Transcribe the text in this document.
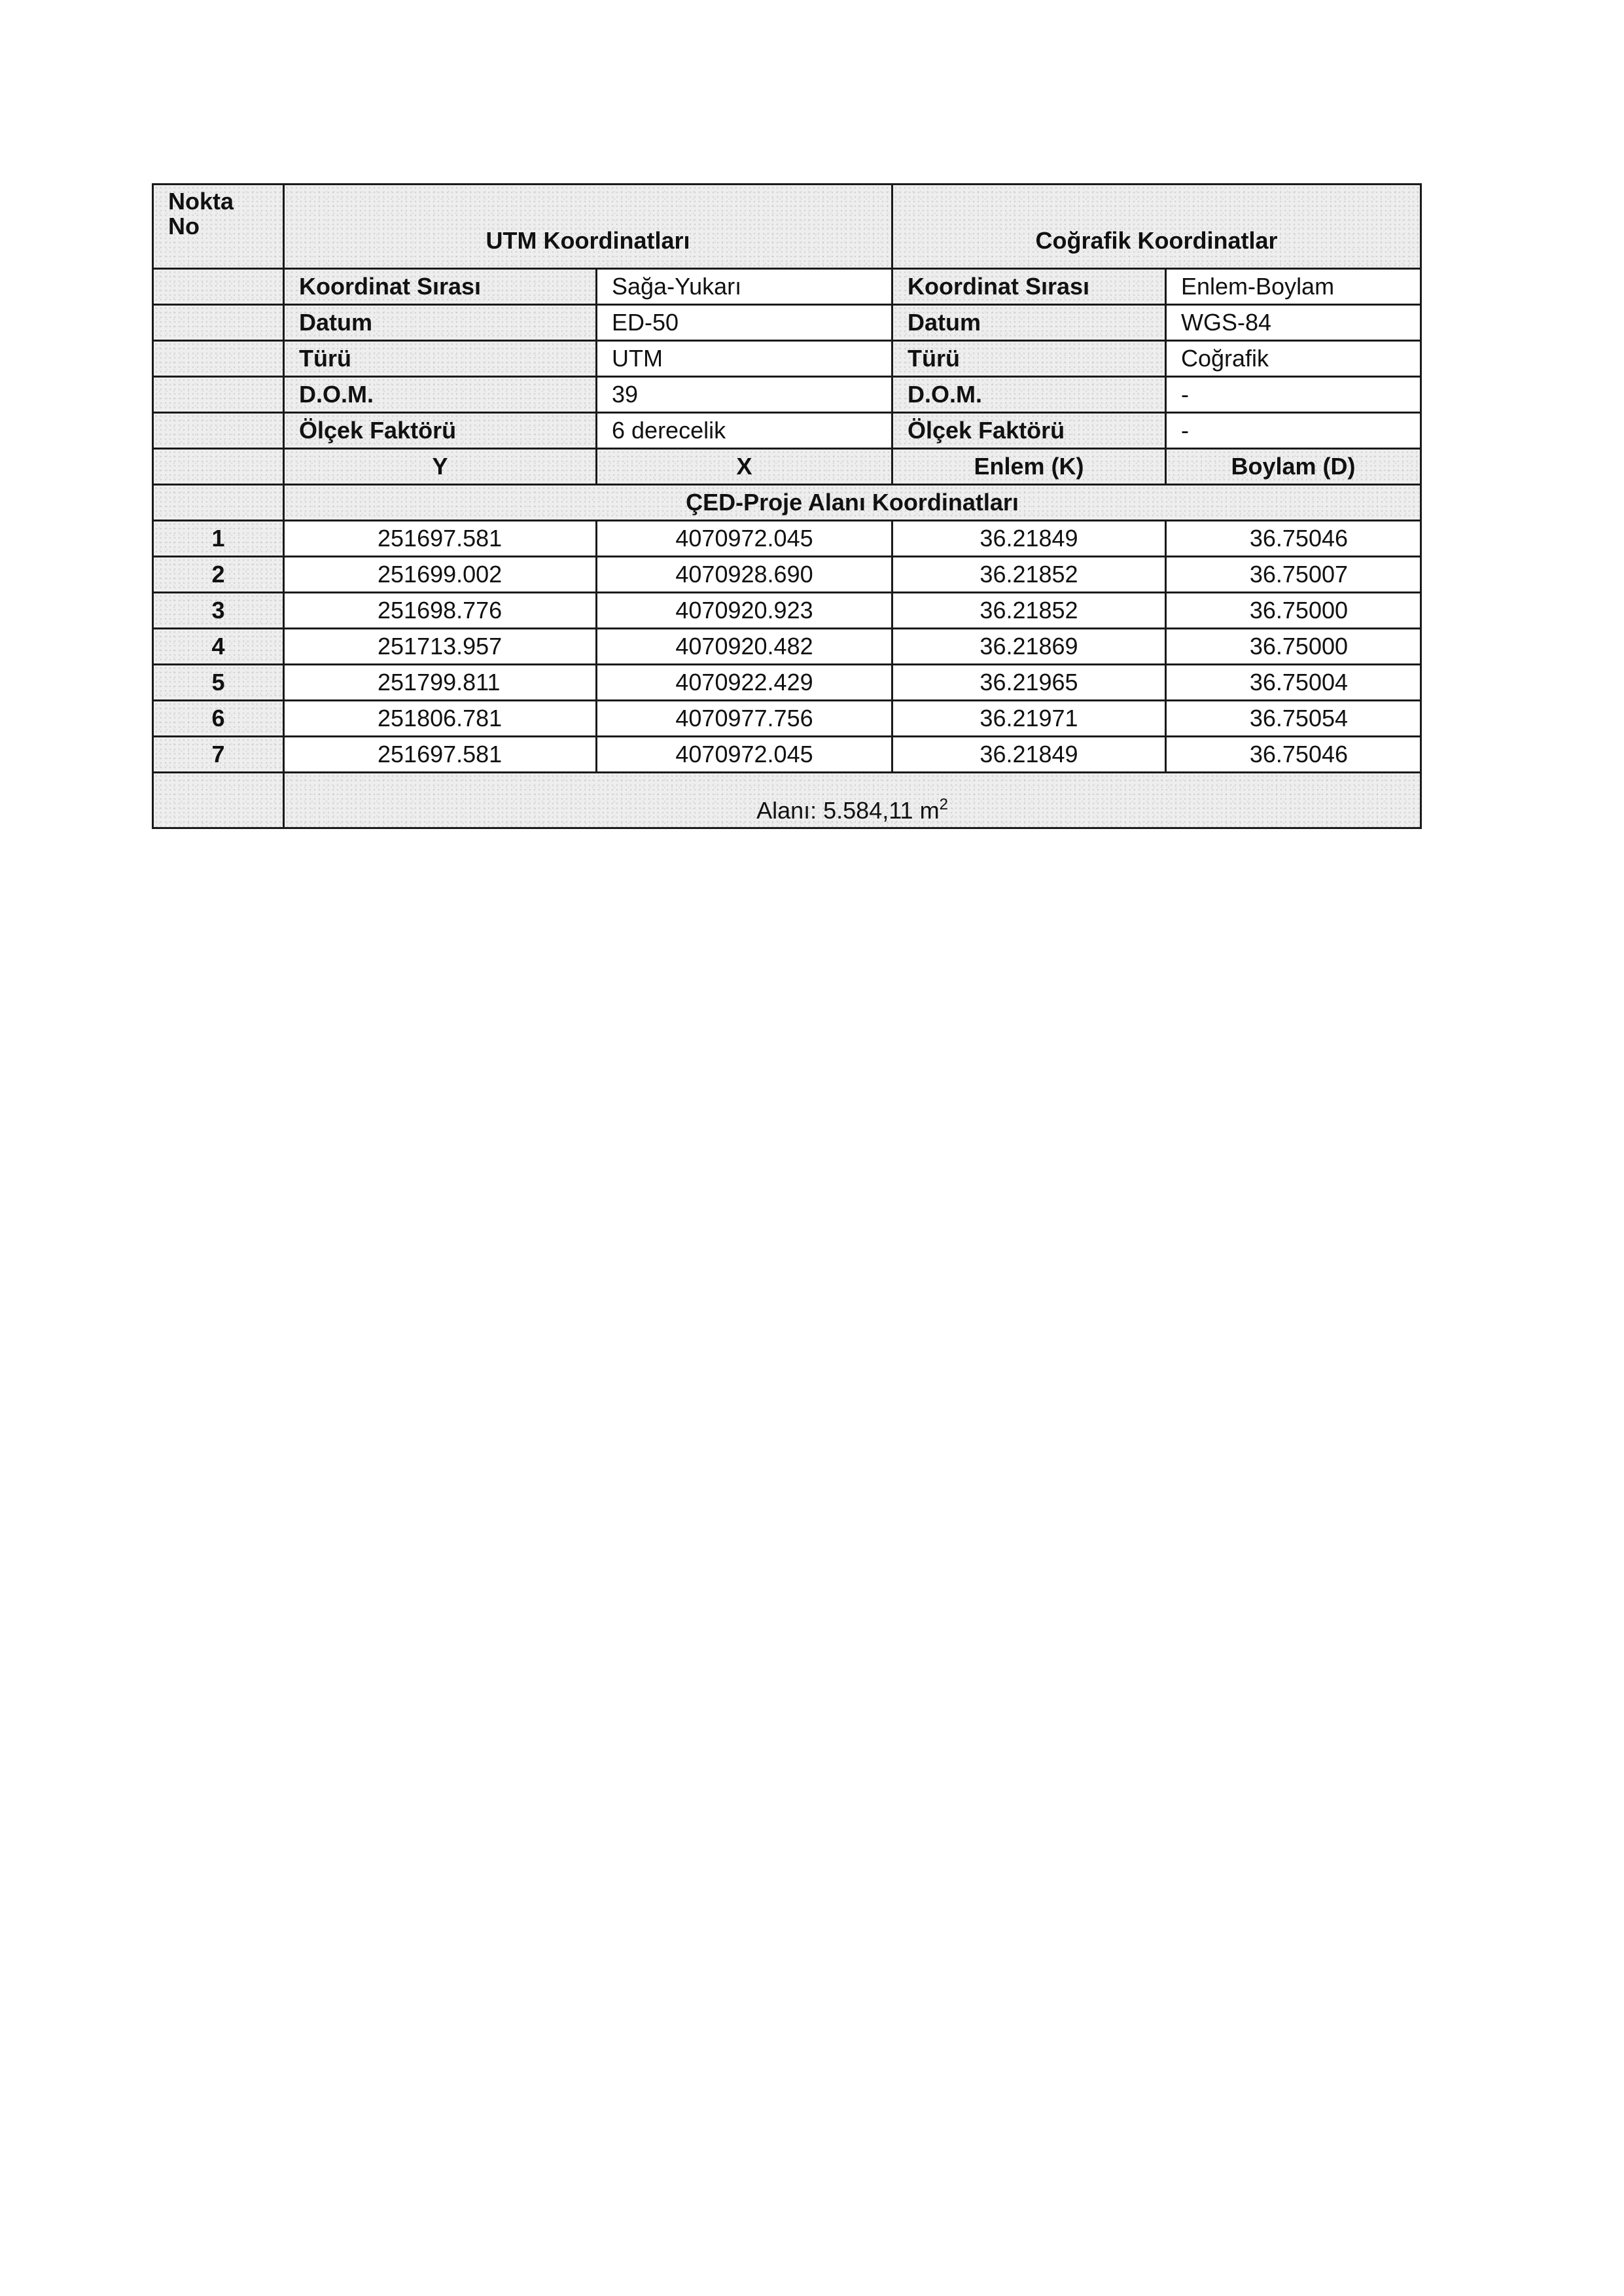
Nokta
No	UTM Koordinatları		Coğrafik Koordinatlar	
	Koordinat Sırası	Sağa-Yukarı	Koordinat Sırası	Enlem-Boylam
	Datum	ED-50	Datum	WGS-84
	Türü	UTM	Türü	Coğrafik
	D.O.M.	39	D.O.M.	-
	Ölçek Faktörü	6 derecelik	Ölçek Faktörü	-
	Y	X	Enlem (K)	Boylam (D)
	ÇED-Proje Alanı Koordinatları			
1	251697.581	4070972.045	36.21849	36.75046
2	251699.002	4070928.690	36.21852	36.75007
3	251698.776	4070920.923	36.21852	36.75000
4	251713.957	4070920.482	36.21869	36.75000
5	251799.811	4070922.429	36.21965	36.75004
6	251806.781	4070977.756	36.21971	36.75054
7	251697.581	4070972.045	36.21849	36.75046
	Alanı: 5.584,11 $m^2$
